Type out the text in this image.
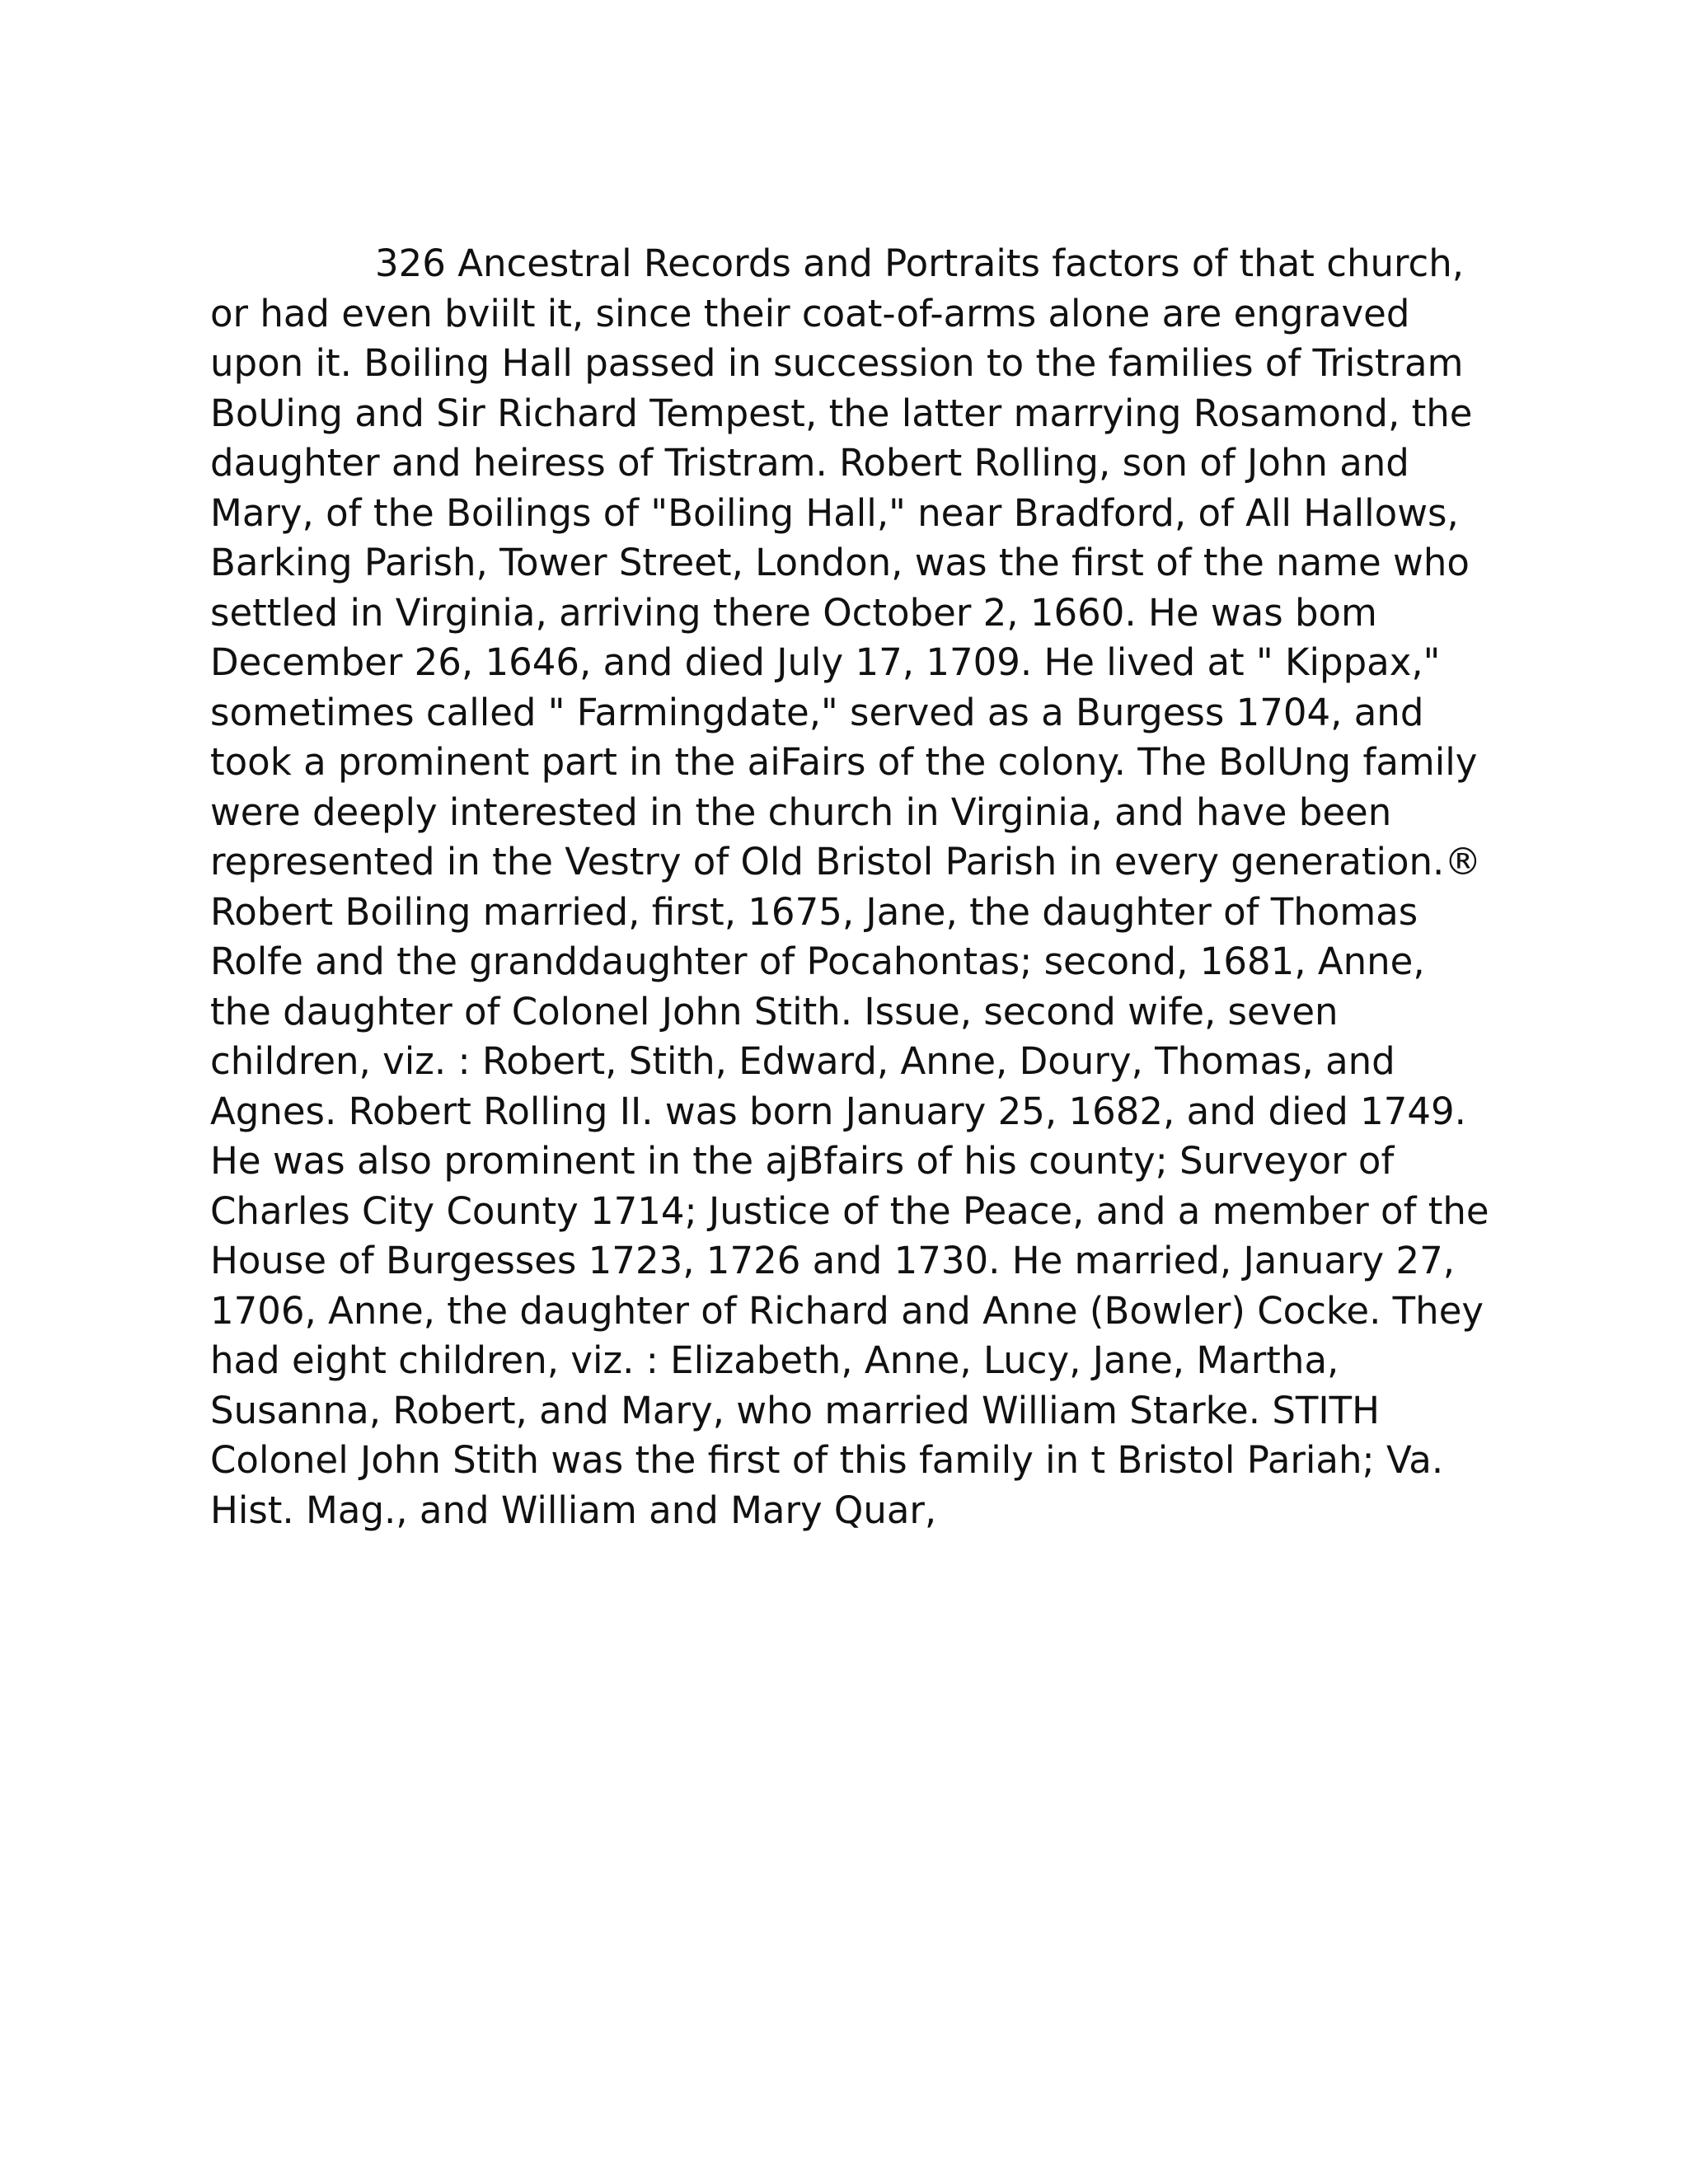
326 Ancestral Records and Portraits factors of that church,
or had even bviilt it, since their coat-of-arms alone are engraved
upon it. Boiling Hall passed in succession to the families of Tristram
BoUing and Sir Richard Tempest, the latter marrying Rosamond, the
daughter and heiress of Tristram. Robert Rolling, son of John and
Mary, of the Boilings of "Boiling Hall," near Bradford, of All Hallows,
Barking Parish, Tower Street, London, was the first of the name who
settled in Virginia, arriving there October 2, 1660. He was bom
December 26, 1646, and died July 17, 1709. He lived at " Kippax,"
sometimes called " Farmingdate," served as a Burgess 1704, and
took a prominent part in the aiFairs of the colony. The BolUng family
were deeply interested in the church in Virginia, and have been
represented in the Vestry of Old Bristol Parish in every generation.®
Robert Boiling married, first, 1675, Jane, the daughter of Thomas
Rolfe and the granddaughter of Pocahontas; second, 1681, Anne,
the daughter of Colonel John Stith. Issue, second wife, seven
children, viz. : Robert, Stith, Edward, Anne, Doury, Thomas, and
Agnes. Robert Rolling II. was born January 25, 1682, and died 1749.
He was also prominent in the ajBfairs of his county; Surveyor of
Charles City County 1714; Justice of the Peace, and a member of the
House of Burgesses 1723, 1726 and 1730. He married, January 27,
1706, Anne, the daughter of Richard and Anne (Bowler) Cocke. They
had eight children, viz. : Elizabeth, Anne, Lucy, Jane, Martha,
Susanna, Robert, and Mary, who married William Starke. STITH
Colonel John Stith was the first of this family in t Bristol Pariah; Va.
Hist. Mag., and William and Mary Quar,
